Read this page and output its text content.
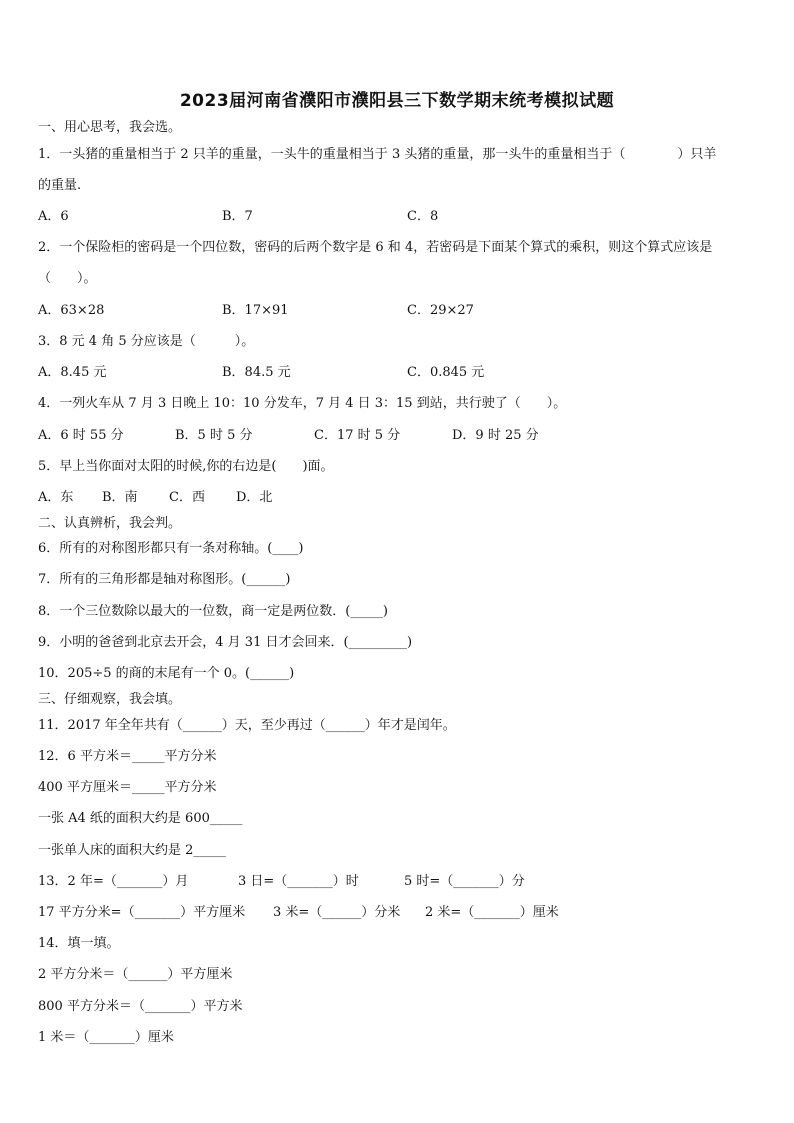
2023届河南省濮阳市濮阳县三下数学期末统考模拟试题
一、用心思考，我会选。
1．一头猪的重量相当于 2 只羊的重量，一头牛的重量相当于 3 头猪的重量，那一头牛的重量相当于（　　　　）只羊
的重量.
A．6	B．7	C．8
2．一个保险柜的密码是一个四位数，密码的后两个数字是 6 和 4，若密码是下面某个算式的乘积，则这个算式应该是
（　　）。
A．63×28	B．17×91	C．29×27
3．8 元 4 角 5 分应该是（　　　）。
A．8.45 元	B．84.5 元	C．0.845 元
4．一列火车从 7 月 3 日晚上 10：10 分发车，7 月 4 日 3：15 到站，共行驶了（　　）。
A．6 时 55 分	B．5 时 5 分	C．17 时 5 分	D．9 时 25 分
5．早上当你面对太阳的时候,你的右边是(　　)面。
A．东 B．南 C．西 D．北
二、认真辨析，我会判。
6．所有的对称图形都只有一条对称轴。(____)
7．所有的三角形都是轴对称图形。(______)
8．一个三位数除以最大的一位数，商一定是两位数．(_____)
9．小明的爸爸到北京去开会，4 月 31 日才会回来．(_________)
10．205÷5 的商的末尾有一个 0。(______)
三、仔细观察，我会填。
11．2017 年全年共有（______）天，至少再过（______）年才是闰年。
12．6 平方米＝_____平方分米
400 平方厘米＝_____平方分米
一张 A4 纸的面积大约是 600_____
一张单人床的面积大约是 2_____
13．2 年=（_______）月	3 日=（_______）时	5 时=（_______）分
17 平方分米=（_______）平方厘米 3 米=（______）分米 2 米=（_______）厘米
14．填一填。
2 平方分米＝（______）平方厘米
800 平方分米＝（_______）平方米
1 米＝（_______）厘米
